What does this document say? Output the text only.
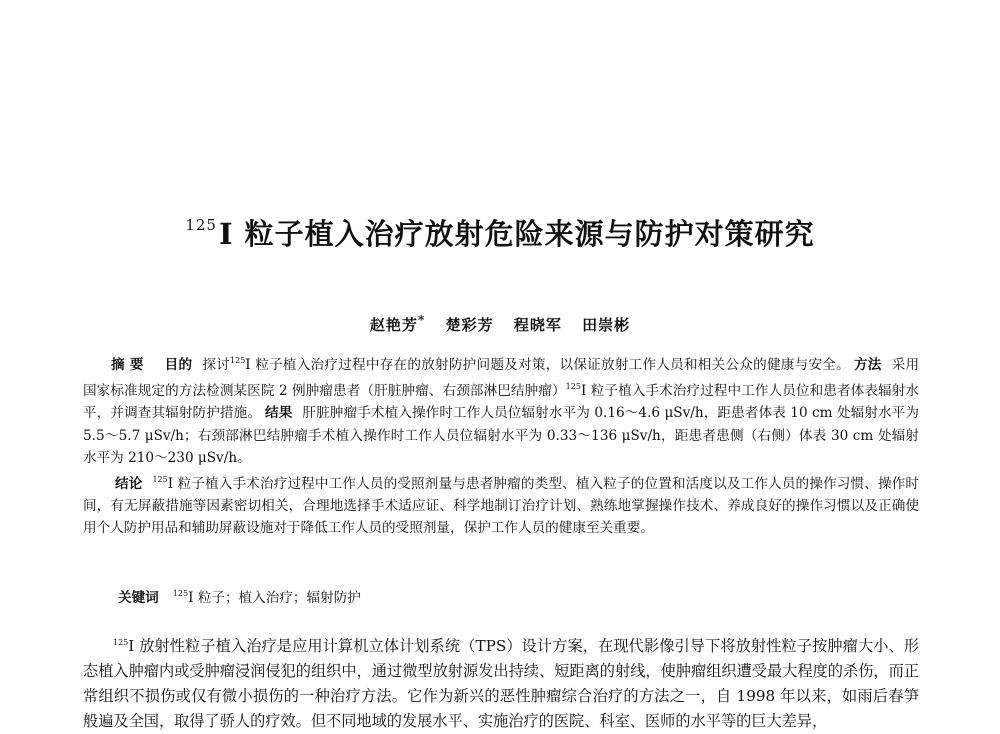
$^{125}$I 粒子植入治疗放射危险来源与防护对策研究
赵艳芳* 楚彩芳 程晓军 田崇彬

摘要 目的 探讨$^{125}$I 粒子植入治疗过程中存在的放射防护问题及对策，以保证放射工作人员和相关公众的健康与安全。 方法 采用国家标准规定的方法检测某医院 2 例肿瘤患者（肝脏肿瘤、右颈部淋巴结肿瘤）$^{125}$I 粒子植入手术治疗过程中工作人员位和患者体表辐射水平，并调查其辐射防护措施。 结果 肝脏肿瘤手术植入操作时工作人员位辐射水平为 0.16～4.6 μSv/h，距患者体表 10 cm 处辐射水平为 5.5～5.7 μSv/h；右颈部淋巴结肿瘤手术植入操作时工作人员位辐射水平为 0.33～136 μSv/h，距患者患侧（右侧）体表 30 cm 处辐射水平为 210～230 μSv/h。

结论 $^{125}$I 粒子植入手术治疗过程中工作人员的受照剂量与患者肿瘤的类型、植入粒子的位置和活度以及工作人员的操作习惯、操作时间，有无屏蔽措施等因素密切相关，合理地选择手术适应证、科学地制订治疗计划、熟练地掌握操作技术、养成良好的操作习惯以及正确使用个人防护用品和辅助屏蔽设施对于降低工作人员的受照剂量，保护工作人员的健康至关重要。

关键词 $^{125}$I 粒子；植入治疗；辐射防护

$^{125}$I 放射性粒子植入治疗是应用计算机立体计划系统（TPS）设计方案，在现代影像引导下将放射性粒子按肿瘤大小、形态植入肿瘤内或受肿瘤浸润侵犯的组织中，通过微型放射源发出持续、短距离的射线，使肿瘤组织遭受最大程度的杀伤，而正常组织不损伤或仅有微小损伤的一种治疗方法。它作为新兴的恶性肿瘤综合治疗的方法之一，自 1998 年以来，如雨后春笋般遍及全国，取得了骄人的疗效。但不同地域的发展水平、实施治疗的医院、科室、医师的水平等的巨大差异，
